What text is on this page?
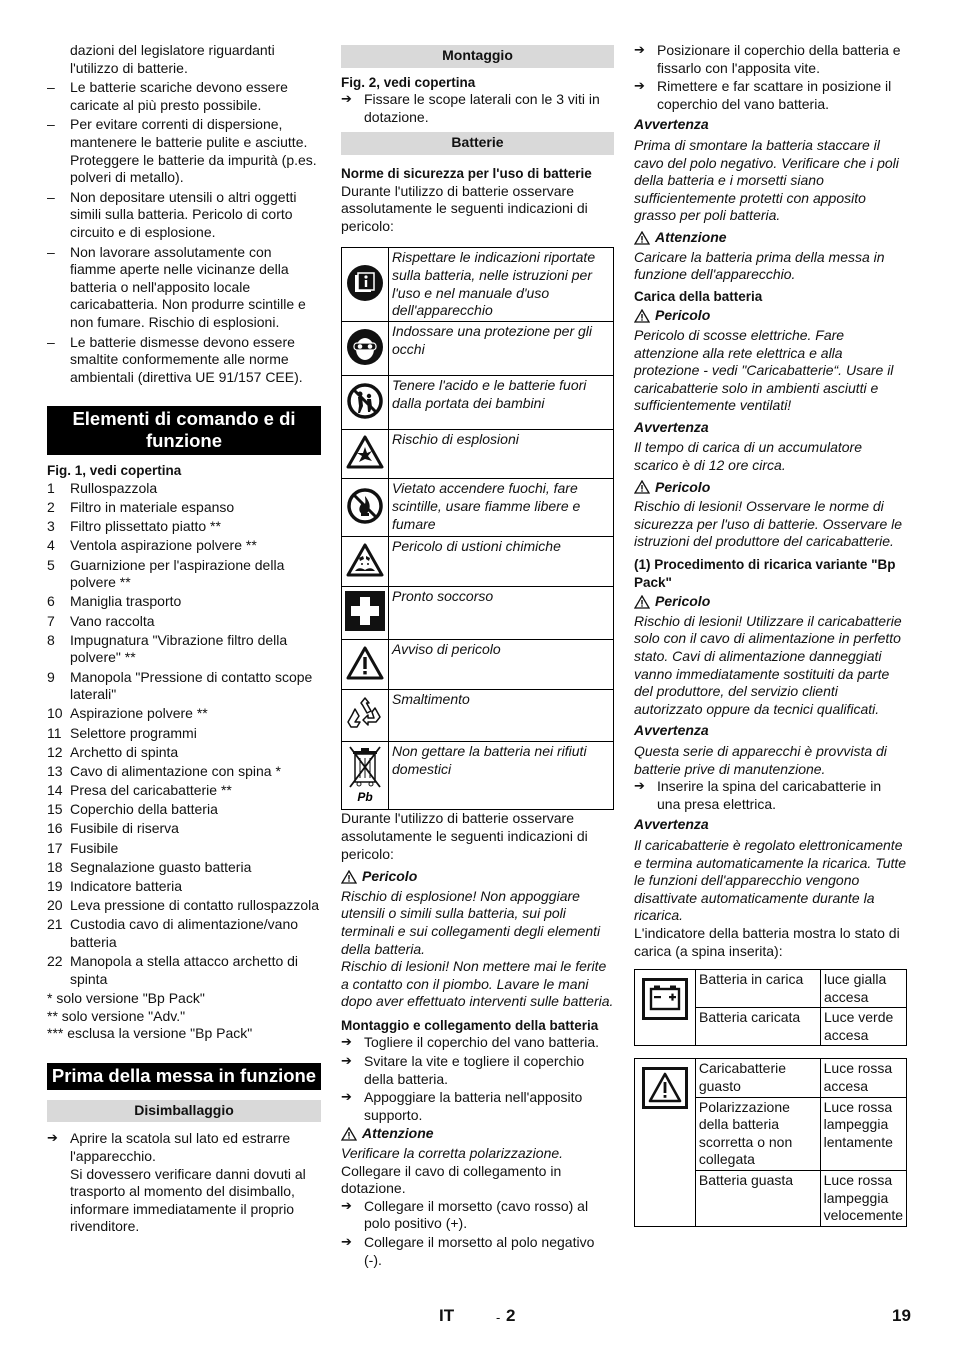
dazioni del legislatore riguardanti l'utilizzo di batterie.

– Le batterie scariche devono essere caricate al più presto possibile.
– Per evitare correnti di dispersione, mantenere le batterie pulite e asciutte. Proteggere le batterie da impurità (p.es. polveri di metallo).
– Non depositare utensili o altri oggetti simili sulla batteria. Pericolo di corto circuito e di esplosione.
– Non lavorare assolutamente con fiamme aperte nelle vicinanze della batteria o nell'apposito locale caricabatteria. Non produrre scintille e non fumare. Rischio di esplosioni.
– Le batterie dismesse devono essere smaltite conformemente alle norme ambientali (direttiva UE 91/157 CEE).
Elementi di comando e di funzione

Fig. 1, vedi copertina

1 Rullospazzola
2 Filtro in materiale espanso
3 Filtro plissettato piatto **
4 Ventola aspirazione polvere **
5 Guarnizione per l'aspirazione della polvere **
6 Maniglia trasporto
7 Vano raccolta
8 Impugnatura "Vibrazione filtro della polvere" **
9 Manopola "Pressione di contatto scope laterali"
10 Aspirazione polvere **
11 Selettore programmi
12 Archetto di spinta
13 Cavo di alimentazione con spina *
14 Presa del caricabatterie **
15 Coperchio della batteria
16 Fusibile di riserva
17 Fusibile
18 Segnalazione guasto batteria
19 Indicatore batteria
20 Leva pressione di contatto rullospazzola
21 Custodia cavo di alimentazione/vano batteria
22 Manopola a stella attacco archetto di spinta

* solo versione "Bp Pack"

** solo versione "Adv."

*** esclusa la versione "Bp Pack"

Prima della messa in funzione
Disimballaggio
➔ Aprire la scatola sul lato ed estrarre l'apparecchio.
Si dovessero verificare danni dovuti al trasporto al momento del disimballo, informare immediatamente il proprio rivenditore.
Montaggio

Fig. 2, vedi copertina

➔ Fissare le scope laterali con le 3 viti in dotazione.
Batterie

Norme di sicurezza per l'uso di batterie

Durante l'utilizzo di batterie osservare assolutamente le seguenti indicazioni di pericolo:

	Rispettare le indicazioni riportate sulla batteria, nelle istruzioni per l'uso e nel manuale d'uso dell'apparecchio
	Indossare una protezione per gli occhi
	Tenere l'acido e le batterie fuori dalla portata dei bambini
	Rischio di esplosioni
	Vietato accendere fuochi, fare scintille, usare fiamme libere e fumare
	Pericolo di ustioni chimiche
	Pronto soccorso
	Avviso di pericolo
	Smaltimento

Pb	Non gettare la batteria nei rifiuti domestici

Durante l'utilizzo di batterie osservare assolutamente le seguenti indicazioni di pericolo:

Pericolo

Rischio di esplosione! Non appoggiare utensili o simili sulla batteria, sui poli terminali e sui collegamenti degli elementi della batteria.

Rischio di lesioni! Non mettere mai le ferite a contatto con il piombo. Lavare le mani dopo aver effettuato interventi sulle batteria.

Montaggio e collegamento della batteria

➔ Togliere il coperchio del vano batteria.
➔ Svitare la vite e togliere il coperchio della batteria.
➔ Appoggiare la batteria nell'apposito supporto.
Attenzione

Verificare la corretta polarizzazione.

Collegare il cavo di collegamento in dotazione.

➔ Collegare il morsetto (cavo rosso) al polo positivo (+).
➔ Collegare il morsetto al polo negativo (-).
➔ Posizionare il coperchio della batteria e fissarlo con l'apposita vite.
➔ Rimettere e far scattare in posizione il coperchio del vano batteria.

Avvertenza

Prima di smontare la batteria staccare il cavo del polo negativo. Verificare che i poli della batteria e i morsetti siano sufficientemente protetti con apposito grasso per poli batteria.

Attenzione

Caricare la batteria prima della messa in funzione dell'apparecchio.

Carica della batteria

Pericolo

Pericolo di scosse elettriche. Fare attenzione alla rete elettrica e alla protezione - vedi "Caricabatterie“. Usare il caricabatterie solo in ambienti asciutti e sufficientemente ventilati!

Avvertenza

Il tempo di carica di un accumulatore scarico è di 12 ore circa.

Pericolo

Rischio di lesioni! Osservare le norme di sicurezza per l'uso di batterie. Osservare le istruzioni del produttore del caricabatterie.

(1) Procedimento di ricarica variante "Bp Pack"

Pericolo

Rischio di lesioni! Utilizzare il caricabatterie solo con il cavo di alimentazione in perfetto stato. Cavi di alimentazione danneggiati vanno immediatamente sostituiti da parte del produttore, del servizio clienti autorizzato oppure da tecnici qualificati.

Avvertenza

Questa serie di apparecchi è provvista di batterie prive di manutenzione.

➔ Inserire la spina del caricabatterie in una presa elettrica.

Avvertenza

Il caricabatterie è regolato elettronicamente e termina automaticamente la ricarica. Tutte le funzioni dell'apparecchio vengono disattivate automaticamente durante la ricarica.

L'indicatore della batteria mostra lo stato di carica (a spina inserita):

	Batteria in carica	luce gialla accesa
	Batteria caricata	Luce verde accesa
	Caricabatterie guasto	Luce rossa accesa
	Polarizzazione della batteria scorretta o non collegata	Luce rossa lampeggia lentamente
	Batteria guasta	Luce rossa lampeggia velocemente
IT	- 2	19
